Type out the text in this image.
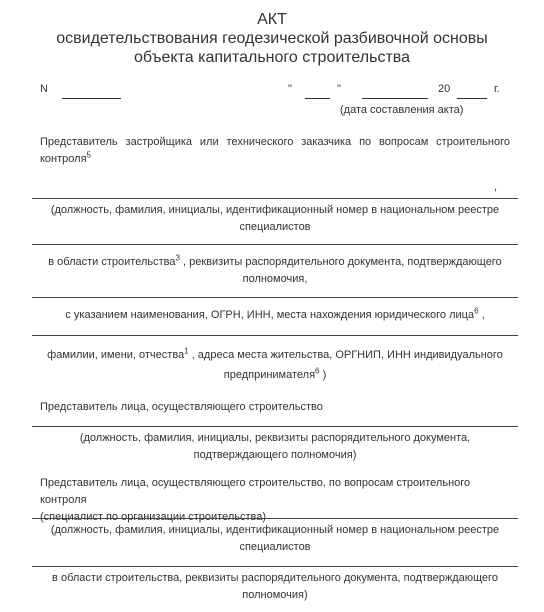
АКТ
освидетельствования геодезической разбивочной основы
объекта капитального строительства
N	"	"	20	г.
(дата составления акта)
Представитель застройщика или технического заказчика по вопросам строительного
контроля$^5$
,
(должность, фамилия, инициалы, идентификационный номер в национальном реестре
специалистов
в области строительства$^3$ , реквизиты распорядительного документа, подтверждающего
полномочия,
с указанием наименования, ОГРН, ИНН, места нахождения юридического лица$^6$ ,
фамилии, имени, отчества$^1$ , адреса места жительства, ОРГНИП, ИНН индивидуального
предпринимателя$^6$ )
Представитель лица, осуществляющего строительство
(должность, фамилия, инициалы, реквизиты распорядительного документа,
подтверждающего полномочия)
Представитель лица, осуществляющего строительство, по вопросам строительного контроля
(специалист по организации строительства)
(должность, фамилия, инициалы, идентификационный номер в национальном реестре
специалистов
в области строительства, реквизиты распорядительного документа, подтверждающего
полномочия)
